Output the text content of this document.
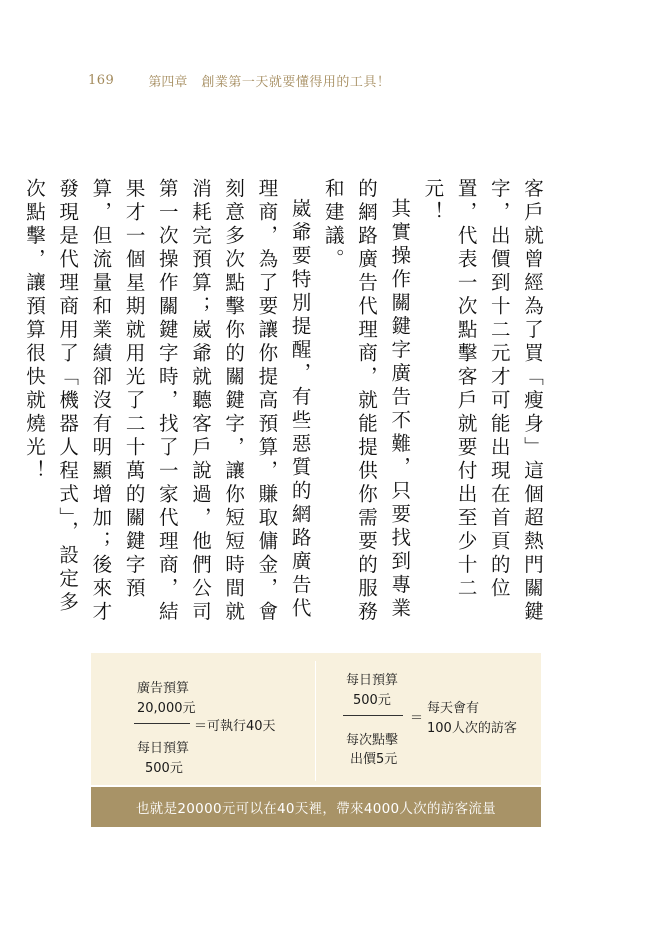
169	第四章 創業第一天就要懂得用的工具！

客戶就曾經為了買「瘦身」這個超熱門關鍵字，出價到十二元才可能出現在首頁的位置，代表一次點擊客戶就要付出至少十二元！

其實操作關鍵字廣告不難，只要找到專業的網路廣告代理商，就能提供你需要的服務和建議。

崴爺要特別提醒，有些惡質的網路廣告代理商，為了要讓你提高預算，賺取傭金，會刻意多次點擊你的關鍵字，讓你短短時間就消耗完預算；崴爺就聽客戶說過，他們公司第一次操作關鍵字時，找了一家代理商，結果才一個星期就用光了二十萬的關鍵字預算，但流量和業績卻沒有明顯增加；後來才發現是代理商用了「機器人程式」，設定多次點擊，讓預算很快就燒光！

廣告預算
20,000元
＝可執行40天
每日預算
500元
每日預算
500元
＝
每次點擊
出價5元
每天會有
100人次的訪客
也就是20000元可以在40天裡，帶來4000人次的訪客流量
